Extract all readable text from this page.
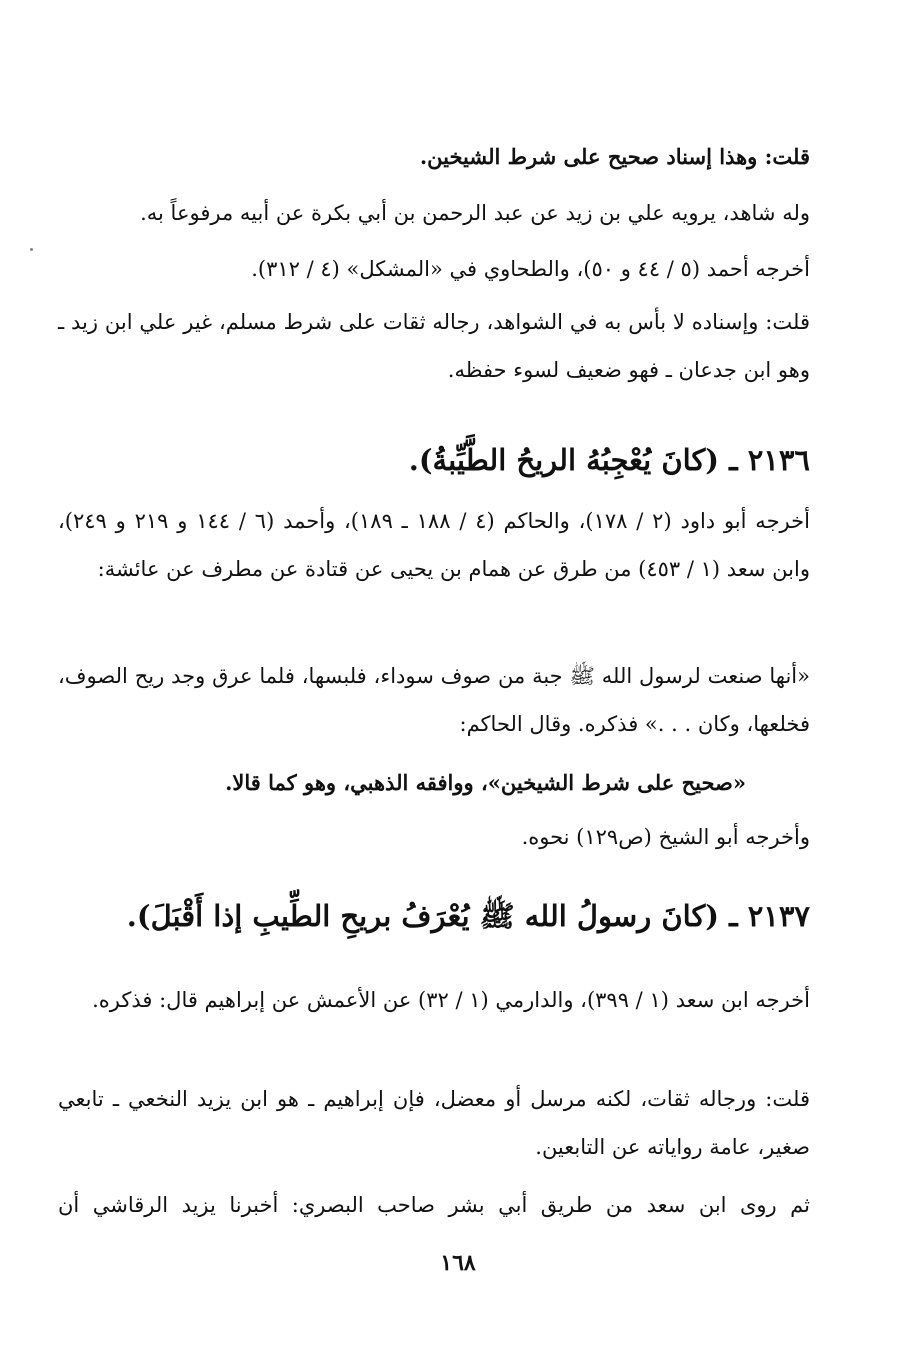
قلت: وهذا إسناد صحيح على شرط الشيخين.
وله شاهد، يرويه علي بن زيد عن عبد الرحمن بن أبي بكرة عن أبيه مرفوعاً به.
أخرجه أحمد (٥ / ٤٤ و ٥٠)، والطحاوي في «المشكل» (٤ / ٣١٢).
قلت: وإسناده لا بأس به في الشواهد، رجاله ثقات على شرط مسلم، غير علي ابن زيد ـ وهو ابن جدعان ـ فهو ضعيف لسوء حفظه.
٢١٣٦ ـ (كانَ يُعْجِبُهُ الريحُ الطَّيِّبةُ).
أخرجه أبو داود (٢ / ١٧٨)، والحاكم (٤ / ١٨٨ ـ ١٨٩)، وأحمد (٦ / ١٤٤ و ٢١٩ و ٢٤٩)، وابن سعد (١ / ٤٥٣) من طرق عن همام بن يحيى عن قتادة عن مطرف عن عائشة:
«أنها صنعت لرسول الله ﷺ جبة من صوف سوداء، فلبسها، فلما عرق وجد ريح الصوف، فخلعها، وكان . . .» فذكره. وقال الحاكم:
«صحيح على شرط الشيخين»، ووافقه الذهبي، وهو كما قالا.
وأخرجه أبو الشيخ (ص١٢٩) نحوه.
٢١٣٧ ـ (كانَ رسولُ الله ﷺ يُعْرَفُ بريحِ الطِّيبِ إذا أَقْبَلَ).
أخرجه ابن سعد (١ / ٣٩٩)، والدارمي (١ / ٣٢) عن الأعمش عن إبراهيم قال: فذكره.
قلت: ورجاله ثقات، لكنه مرسل أو معضل، فإن إبراهيم ـ هو ابن يزيد النخعي ـ تابعي صغير، عامة رواياته عن التابعين.
ثم روى ابن سعد من طريق أبي بشر صاحب البصري: أخبرنا يزيد الرقاشي أن
١٦٨
